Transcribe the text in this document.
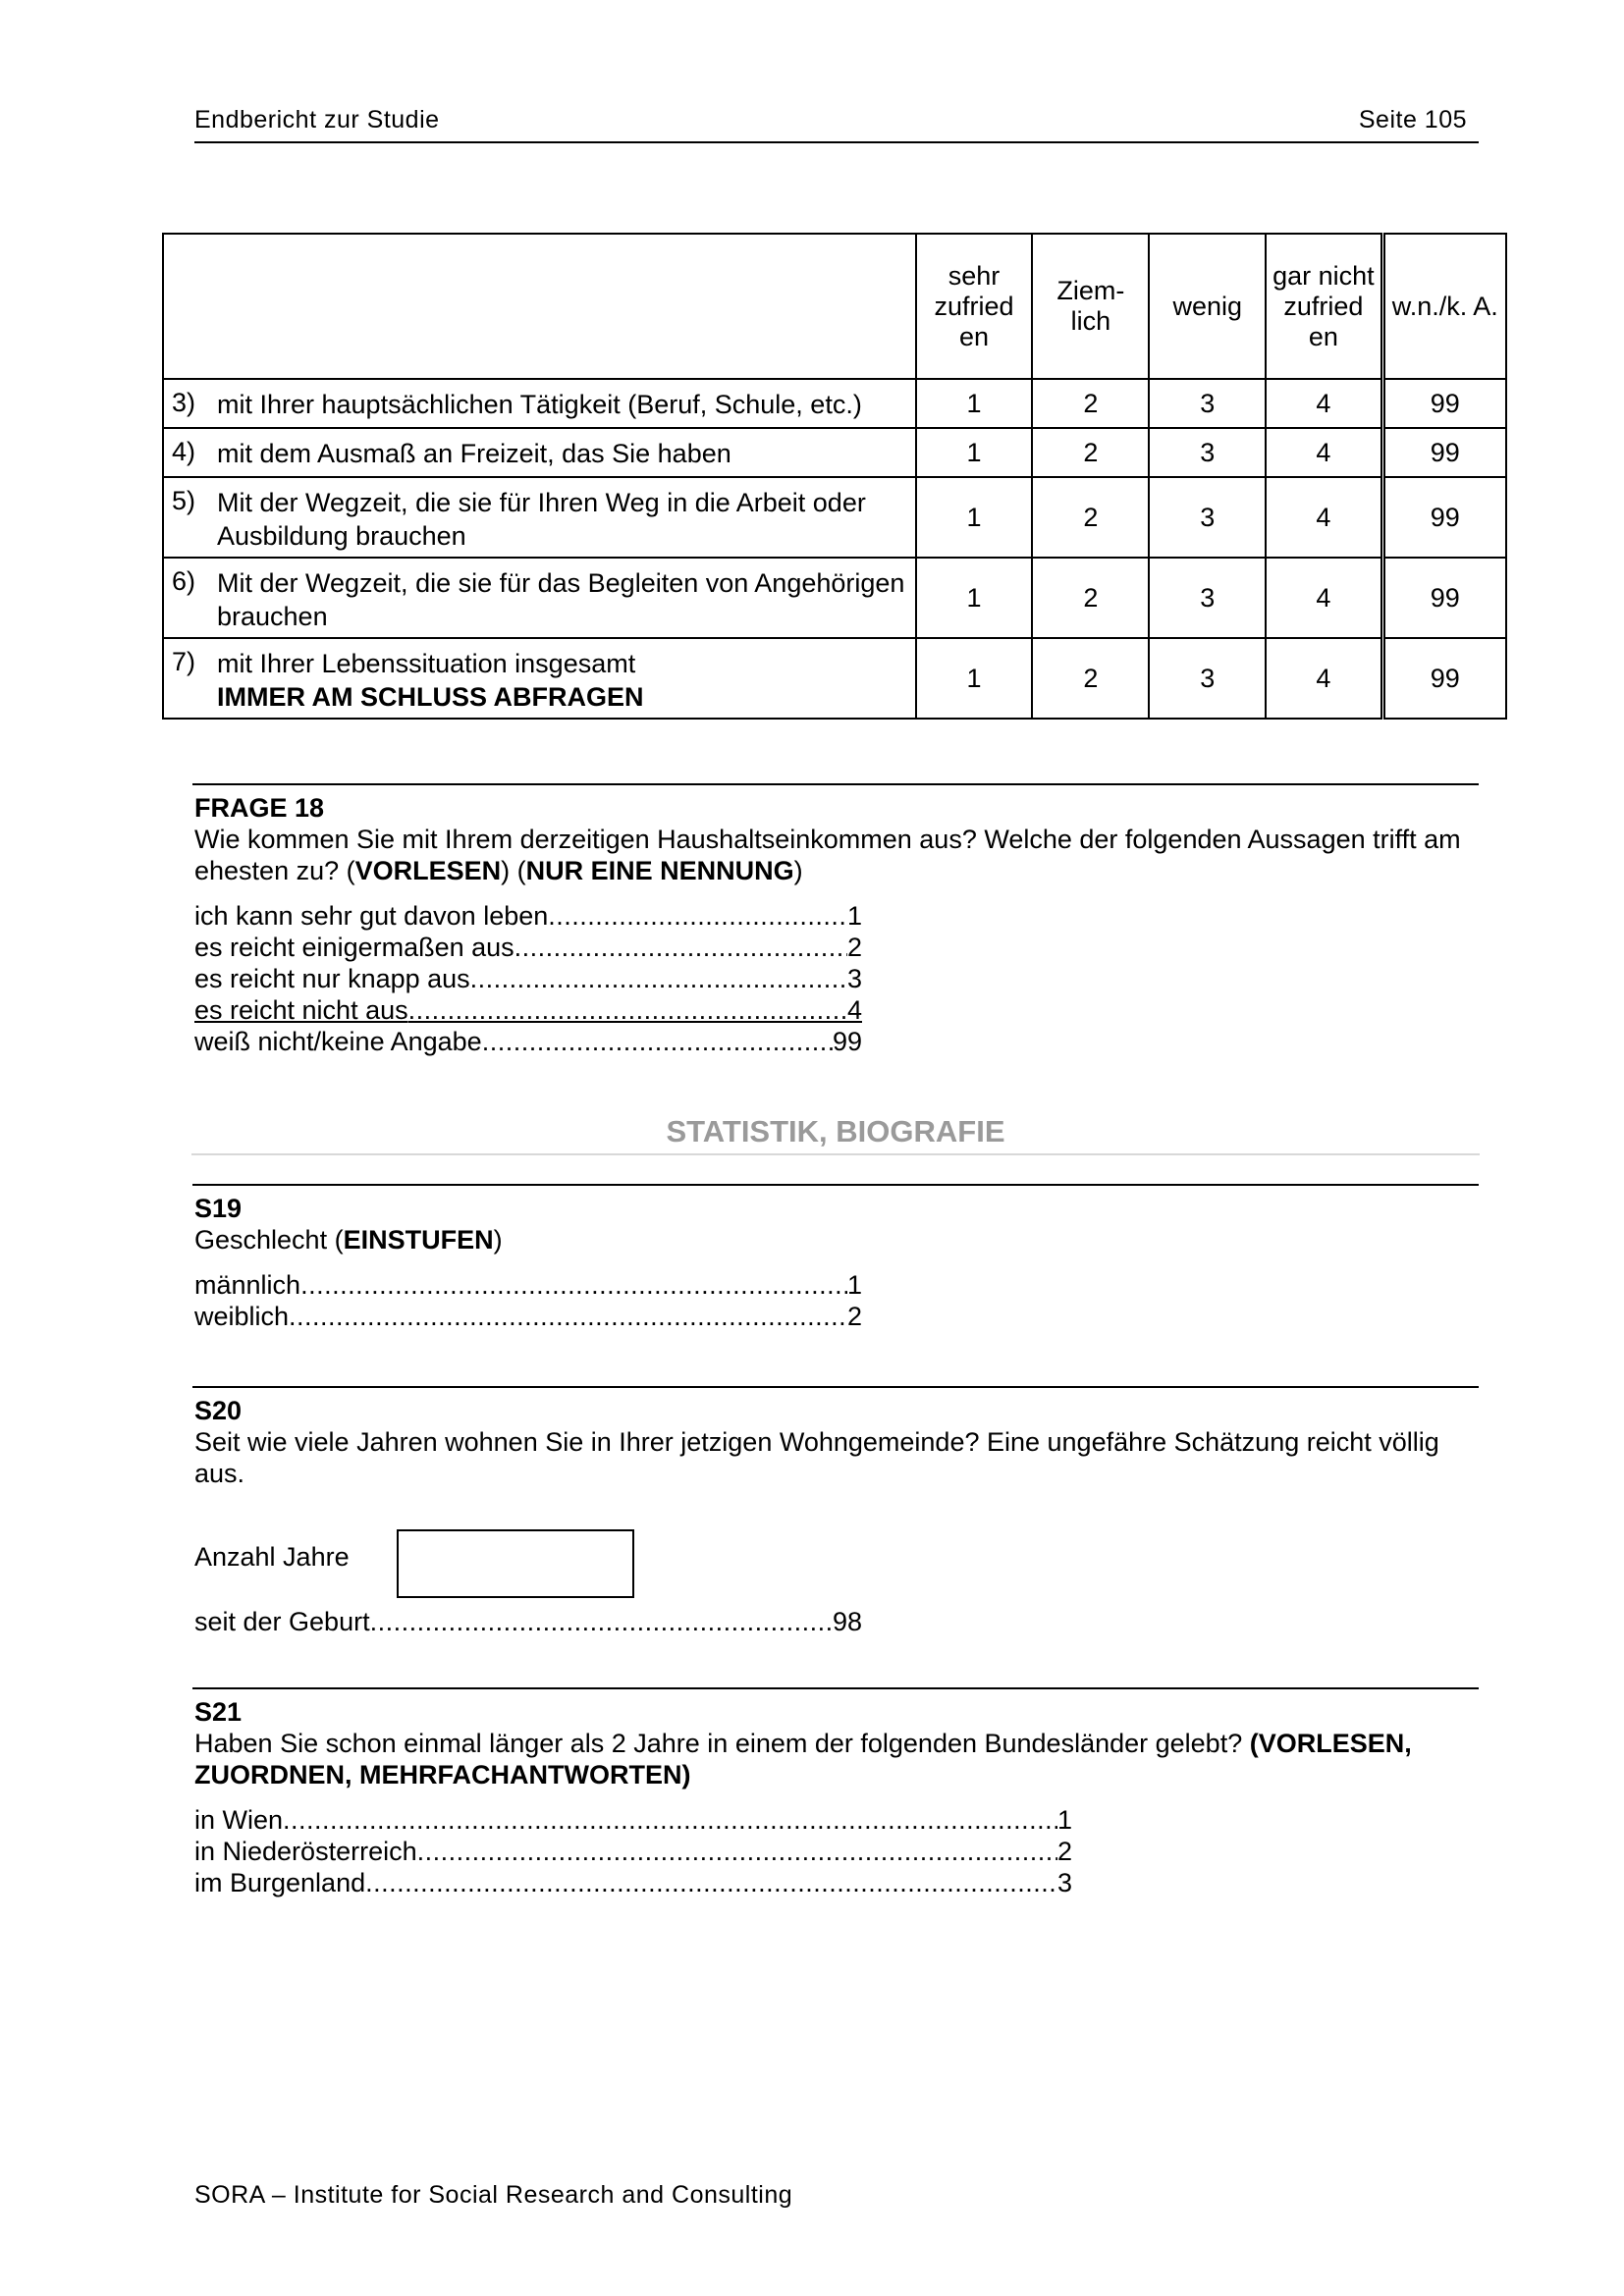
Endbericht zur Studie	Seite 105
	sehr zufried en	Ziem- lich	wenig	gar nicht zufried en	w.n./k. A.

3) mit Ihrer hauptsächlichen Tätigkeit (Beruf, Schule, etc.)	1	2	3	4	99

4) mit dem Ausmaß an Freizeit, das Sie haben	1	2	3	4	99

5) Mit der Wegzeit, die sie für Ihren Weg in die Arbeit oder Ausbildung brauchen	1	2	3	4	99

6) Mit der Wegzeit, die sie für das Begleiten von Angehörigen brauchen	1	2	3	4	99

7) mit Ihrer Lebenssituation insgesamt
IMMER AM SCHLUSS ABFRAGEN	1	2	3	4	99
FRAGE 18
Wie kommen Sie mit Ihrem derzeitigen Haushaltseinkommen aus? Welche der folgenden Aussagen trifft am ehesten zu? (VORLESEN) (NUR EINE NENNUNG)
ich kann sehr gut davon leben .....	1
es reicht einigermaßen aus .....	2
es reicht nur knapp aus .....	3
es reicht nicht aus .....	4
weiß nicht/keine Angabe .....	99
STATISTIK, BIOGRAFIE
S19
Geschlecht (EINSTUFEN)
männlich .....	1
weiblich .....	2
S20
Seit wie viele Jahren wohnen Sie in Ihrer jetzigen Wohngemeinde? Eine ungefähre Schätzung reicht völlig aus.
Anzahl Jahre
seit der Geburt .....	98
S21
Haben Sie schon einmal länger als 2 Jahre in einem der folgenden Bundesländer gelebt? (VORLESEN, ZUORDNEN, MEHRFACHANTWORTEN)
in Wien .....	1
in Niederösterreich .....	2
im Burgenland .....	3
SORA – Institute for Social Research and Consulting
